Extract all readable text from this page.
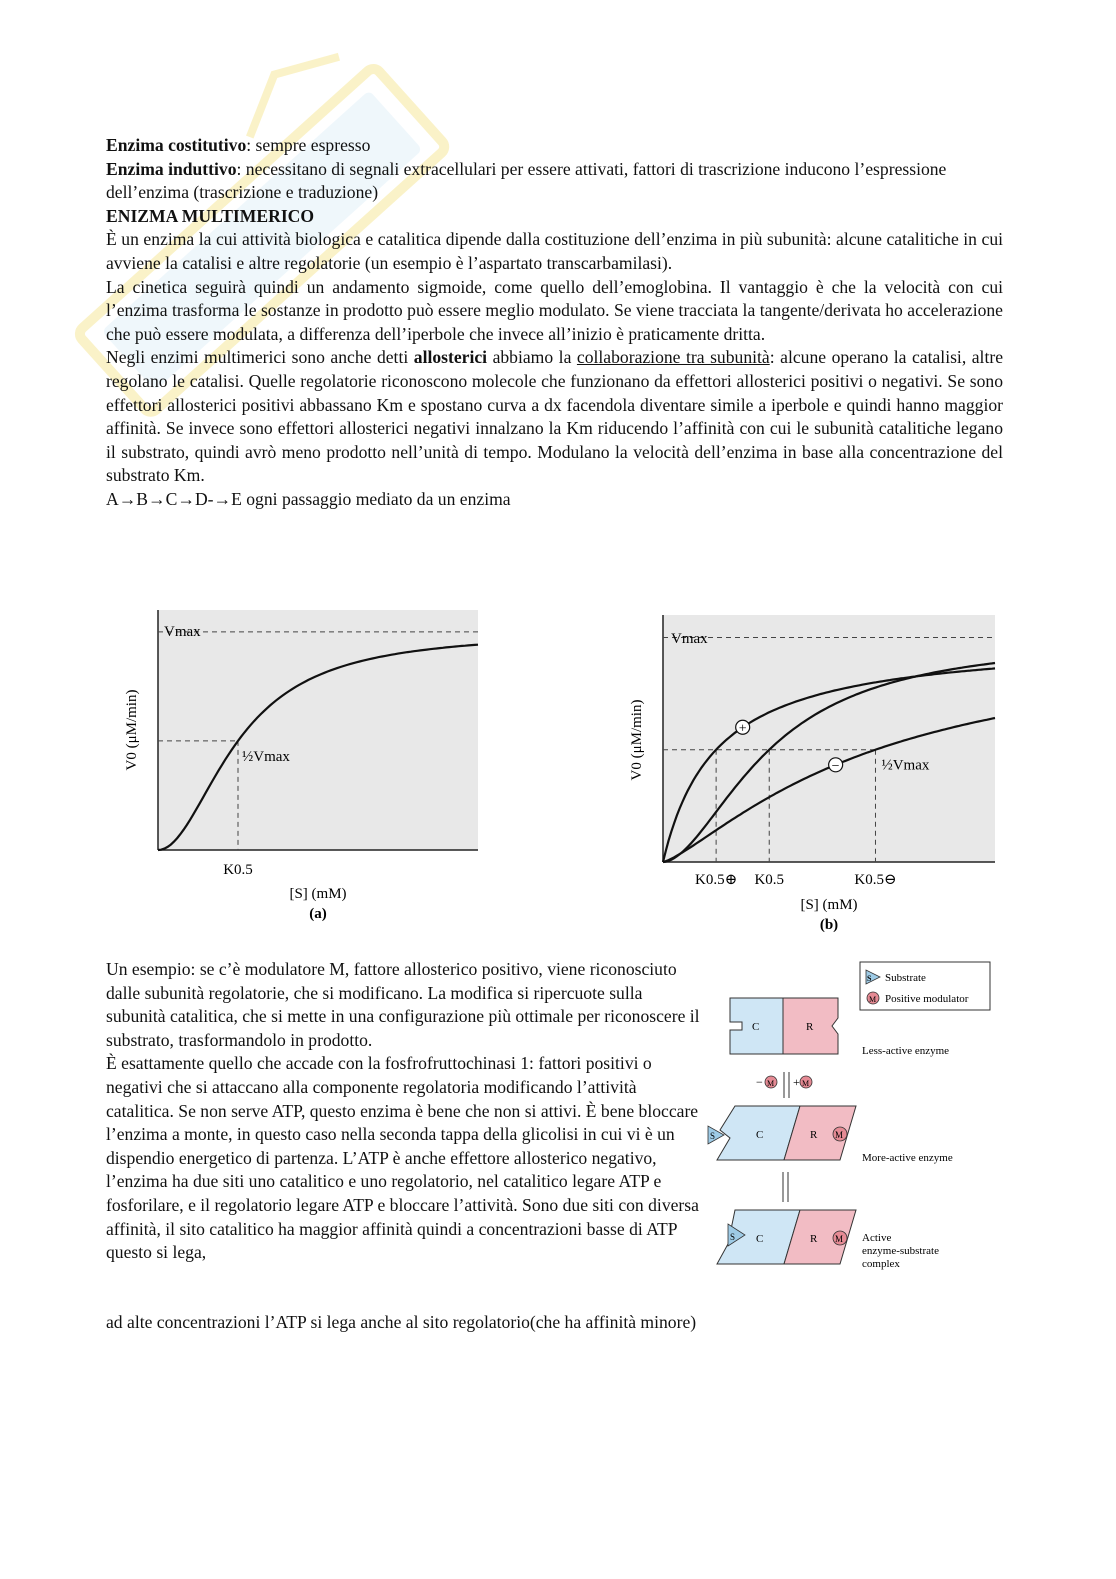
Enzima costitutivo: sempre espresso

Enzima induttivo: necessitano di segnali extracellulari per essere attivati, fattori di trascrizione inducono l’espressione dell’enzima (trascrizione e traduzione)

ENIZMA MULTIMERICO

È un enzima la cui attività biologica e catalitica dipende dalla costituzione dell’enzima in più subunità: alcune catalitiche in cui avviene la catalisi e altre regolatorie (un esempio è l’aspartato transcarbamilasi).

La cinetica seguirà quindi un andamento sigmoide, come quello dell’emoglobina. Il vantaggio è che la velocità con cui l’enzima trasforma le sostanze in prodotto può essere meglio modulato. Se viene tracciata la tangente/derivata ho accelerazione che può essere modulata, a differenza dell’iperbole che invece all’inizio è praticamente dritta.

Negli enzimi multimerici sono anche detti allosterici abbiamo la collaborazione tra subunità: alcune operano la catalisi, altre regolano le catalisi. Quelle regolatorie riconoscono molecole che funzionano da effettori allosterici positivi o negativi. Se sono effettori allosterici positivi abbassano Km e spostano curva a dx facendola diventare simile a iperbole e quindi hanno maggior affinità. Se invece sono effettori allosterici negativi innalzano la Km riducendo l’affinità con cui le subunità catalitiche legano il substrato, quindi avrò meno prodotto nell’unità di tempo. Modulano la velocità dell’enzima in base alla concentrazione del substrato Km.

A→B→C→D-→E ogni passaggio mediato da un enzima

Vmax
½Vmax
K0.5
[S] (mM)
(a)
V0 (μM/min)	+
−
Vmax
½Vmax
K0.5⊕ K0.5	K0.5⊖
[S] (mM)
(b)
V0 (μM/min)

Un esempio: se c’è modulatore M, fattore allosterico positivo, viene riconosciuto dalle subunità regolatorie, che si modificano. La modifica si ripercuote sulla subunità catalitica, che si mette in una configurazione più ottimale per riconoscere il substrato, trasformandolo in prodotto.

È esattamente quello che accade con la fosfrofruttochinasi 1: fattori positivi o negativi che si attaccano alla componente regolatoria modificando l’attività catalitica. Se non serve ATP, questo enzima è bene che non si attivi. È bene bloccare l’enzima a monte, in questo caso nella seconda tappa della glicolisi in cui vi è un dispendio energetico di partenza. L’ATP è anche effettore allosterico negativo, l’enzima ha due siti uno catalitico e uno regolatorio, nel catalitico legare ATP e fosforilare, e il regolatorio legare ATP e bloccare l’attività. Sono due siti con diversa affinità, il sito catalitico ha maggior affinità quindi a concentrazioni basse di ATP questo si lega,

ad alte concentrazioni l’ATP si lega anche al sito regolatorio(che ha affinità minore)
S Substrate
M Positive modulator
C	R
Less-active enzyme
− M + M
S	C	R M
More-active enzyme
S C	R M Active
enzyme-substrate
complex
